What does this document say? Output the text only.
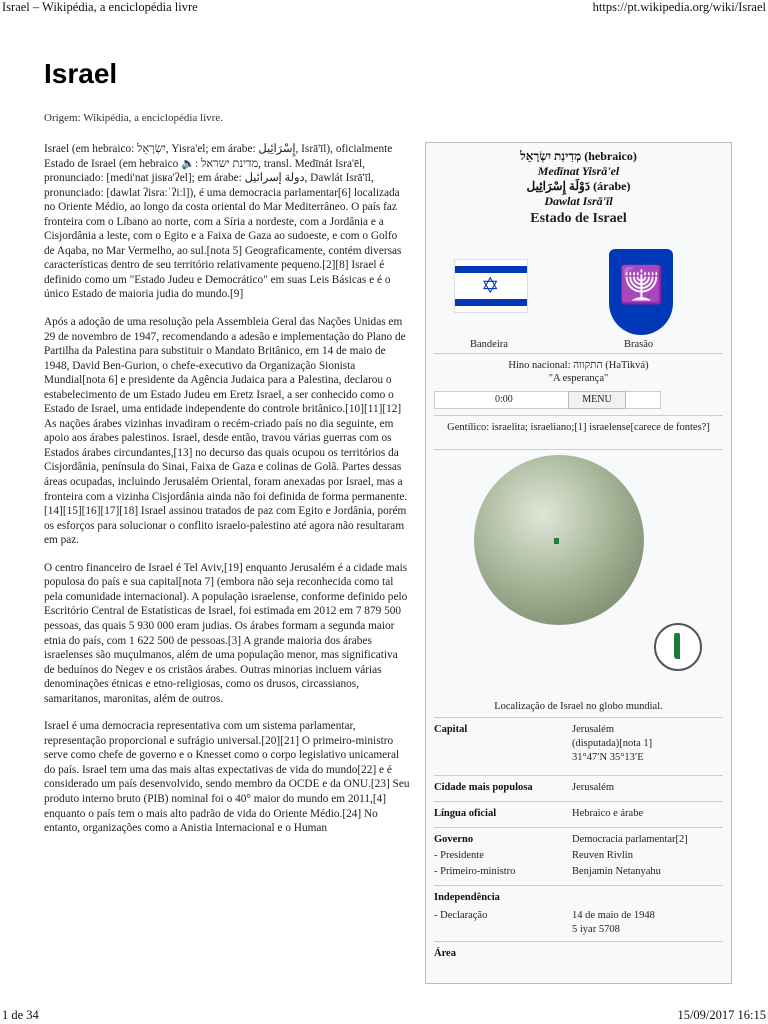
Israel – Wikipédia, a enciclopédia livre	https://pt.wikipedia.org/wiki/Israel
Israel
Origem: Wikipédia, a enciclopédia livre.

Israel (em hebraico: יִשְׂרָאֵל, Yisra'el; em árabe: إِسْرَائِيل, Isrā'īl), oficialmente Estado de Israel (em hebraico 🔈: מדינת ישראל, transl. Medīnát Isra'ēl, pronunciado: [medi'nat jisʁa'ʔel]; em árabe: دولة إسرائيل, Dawlát Isrā'īl, pronunciado: [dawlat ʔisraːˈʔiːl]), é uma democracia parlamentar[6] localizada no Oriente Médio, ao longo da costa oriental do Mar Mediterrâneo. O país faz fronteira com o Líbano ao norte, com a Síria a nordeste, com a Jordânia e a Cisjordânia a leste, com o Egito e a Faixa de Gaza ao sudoeste, e com o Golfo de Aqaba, no Mar Vermelho, ao sul.[nota 5] Geograficamente, contém diversas características dentro de seu território relativamente pequeno.[2][8] Israel é definido como um "Estado Judeu e Democrático" em suas Leis Básicas e é o único Estado de maioria judia do mundo.[9]

Após a adoção de uma resolução pela Assembleia Geral das Nações Unidas em 29 de novembro de 1947, recomendando a adesão e implementação do Plano de Partilha da Palestina para substituir o Mandato Britânico, em 14 de maio de 1948, David Ben-Gurion, o chefe-executivo da Organização Sionista Mundial[nota 6] e presidente da Agência Judaica para a Palestina, declarou o estabelecimento de um Estado Judeu em Eretz Israel, a ser conhecido como o Estado de Israel, uma entidade independente do controle britânico.[10][11][12] As nações árabes vizinhas invadiram o recém-criado país no dia seguinte, em apoio aos árabes palestinos. Israel, desde então, travou várias guerras com os Estados árabes circundantes,[13] no decurso das quais ocupou os territórios da Cisjordânia, península do Sinai, Faixa de Gaza e colinas de Golã. Partes dessas áreas ocupadas, incluindo Jerusalém Oriental, foram anexadas por Israel, mas a fronteira com a vizinha Cisjordânia ainda não foi definida de forma permanente.[14][15][16][17][18] Israel assinou tratados de paz com Egito e Jordânia, porém os esforços para solucionar o conflito israelo-palestino até agora não resultaram em paz.

O centro financeiro de Israel é Tel Aviv,[19] enquanto Jerusalém é a cidade mais populosa do país e sua capital[nota 7] (embora não seja reconhecida como tal pela comunidade internacional). A população israelense, conforme definido pelo Escritório Central de Estatísticas de Israel, foi estimada em 2012 em 7 879 500 pessoas, das quais 5 930 000 eram judias. Os árabes formam a segunda maior etnia do país, com 1 622 500 de pessoas.[3] A grande maioria dos árabes israelenses são muçulmanos, além de uma população menor, mas significativa de beduínos do Negev e os cristãos árabes. Outras minorias incluem várias denominações étnicas e etno-religiosas, como os drusos, circassianos, samaritanos, maronitas, além de outros.

Israel é uma democracia representativa com um sistema parlamentar, representação proporcional e sufrágio universal.[20][21] O primeiro-ministro serve como chefe de governo e o Knesset como o corpo legislativo unicameral do país. Israel tem uma das mais altas expectativas de vida do mundo[22] e é considerado um país desenvolvido, sendo membro da OCDE e da ONU.[23] Seu produto interno bruto (PIB) nominal foi o 40° maior do mundo em 2011,[4] enquanto o país tem o mais alto padrão de vida do Oriente Médio.[24] No entanto, organizações como a Anistia Internacional e o Human

מְדִינַת יִשְׂרָאֵל (hebraico)
Medīnat Yisrā'el
دَوْلَة إِسْرَائِيل (árabe)
Dawlat Isrā'īl
Estado de Israel
✡	🕎
Bandeira	Brasão
Hino nacional: התקווה (HaTikvá)
"A esperança"
0:00	MENU
Gentílico: israelita; israeliano;[1] israelense[carece de fontes?]
Localização de Israel no globo mundial.
Capital	Jerusalém
(disputada)[nota 1]
31°47′N 35°13′E
Cidade mais populosa	Jerusalém
Língua oficial	Hebraico e árabe
Governo	Democracia parlamentar[2]
- Presidente	Reuven Rivlin
- Primeiro-ministro	Benjamin Netanyahu
Independência
- Declaração	14 de maio de 1948
5 iyar 5708
Área
1 de 34	15/09/2017 16:15
